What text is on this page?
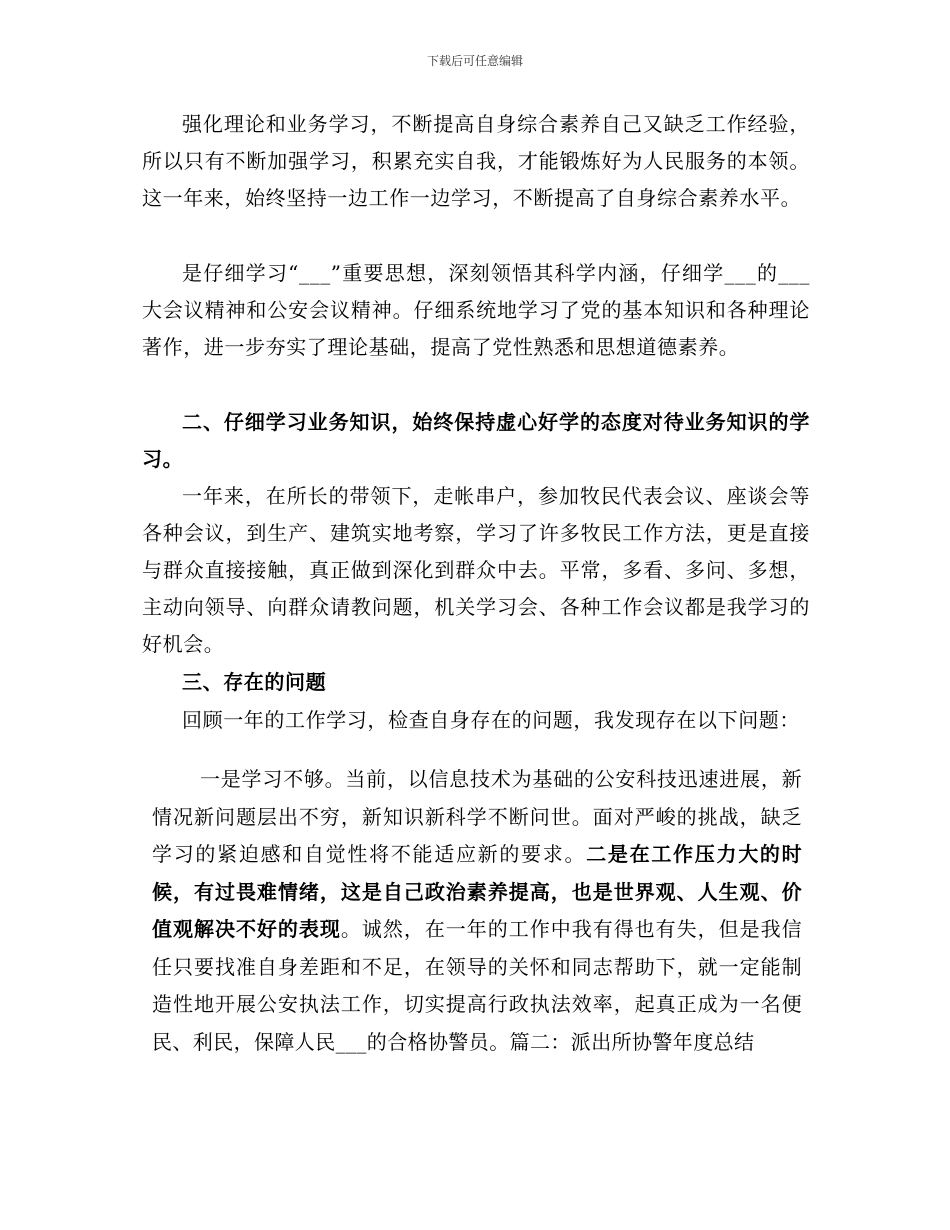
下载后可任意编辑

强化理论和业务学习，不断提高自身综合素养自己又缺乏工作经验，所以只有不断加强学习，积累充实自我，才能锻炼好为人民服务的本领。这一年来，始终坚持一边工作一边学习，不断提高了自身综合素养水平。

是仔细学习“___”重要思想，深刻领悟其科学内涵，仔细学___的___大会议精神和公安会议精神。仔细系统地学习了党的基本知识和各种理论著作，进一步夯实了理论基础，提高了党性熟悉和思想道德素养。

二、仔细学习业务知识，始终保持虚心好学的态度对待业务知识的学习。

一年来，在所长的带领下，走帐串户，参加牧民代表会议、座谈会等各种会议，到生产、建筑实地考察，学习了许多牧民工作方法，更是直接与群众直接接触，真正做到深化到群众中去。平常，多看、多问、多想，主动向领导、向群众请教问题，机关学习会、各种工作会议都是我学习的好机会。

三、存在的问题

回顾一年的工作学习，检查自身存在的问题，我发现存在以下问题：

一是学习不够。当前，以信息技术为基础的公安科技迅速进展，新情况新问题层出不穷，新知识新科学不断问世。面对严峻的挑战，缺乏学习的紧迫感和自觉性将不能适应新的要求。二是在工作压力大的时候，有过畏难情绪，这是自己政治素养提高，也是世界观、人生观、价值观解决不好的表现。诚然，在一年的工作中我有得也有失，但是我信任只要找准自身差距和不足，在领导的关怀和同志帮助下，就一定能制造性地开展公安执法工作，切实提高行政执法效率，起真正成为一名便民、利民，保障人民___的合格协警员。篇二：派出所协警年度总结
